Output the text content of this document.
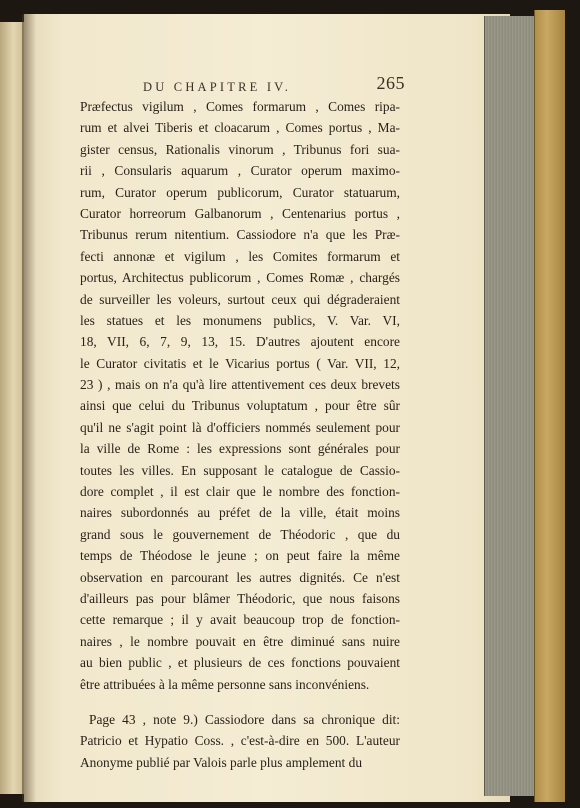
DU CHAPITRE IV.	265
Præfectus vigilum , Comes formarum , Comes ripa-
rum et alvei Tiberis et cloacarum , Comes portus , Ma-
gister census, Rationalis vinorum , Tribunus fori sua-
rii , Consularis aquarum , Curator operum maximo-
rum, Curator operum publicorum, Curator statuarum,
Curator horreorum Galbanorum , Centenarius portus ,
Tribunus rerum nitentium. Cassiodore n'a que les Præ-
fecti annonæ et vigilum , les Comites formarum et
portus, Architectus publicorum , Comes Romæ , chargés
de surveiller les voleurs, surtout ceux qui dégraderaient
les statues et les monumens publics, V. Var. VI,
18, VII, 6, 7, 9, 13, 15. D'autres ajoutent encore
le Curator civitatis et le Vicarius portus ( Var. VII, 12,
23 ) , mais on n'a qu'à lire attentivement ces deux brevets
ainsi que celui du Tribunus voluptatum , pour être sûr
qu'il ne s'agit point là d'officiers nommés seulement pour
la ville de Rome : les expressions sont générales pour
toutes les villes. En supposant le catalogue de Cassio-
dore complet , il est clair que le nombre des fonction-
naires subordonnés au préfet de la ville, était moins
grand sous le gouvernement de Théodoric , que du
temps de Théodose le jeune ; on peut faire la même
observation en parcourant les autres dignités. Ce n'est
d'ailleurs pas pour blâmer Théodoric, que nous faisons
cette remarque ; il y avait beaucoup trop de fonction-
naires , le nombre pouvait en être diminué sans nuire
au bien public , et plusieurs de ces fonctions pouvaient
être attribuées à la même personne sans inconvéniens.
Page 43 , note 9.) Cassiodore dans sa chronique dit:
Patricio et Hypatio Coss. , c'est-à-dire en 500. L'auteur
Anonyme publié par Valois parle plus amplement du
